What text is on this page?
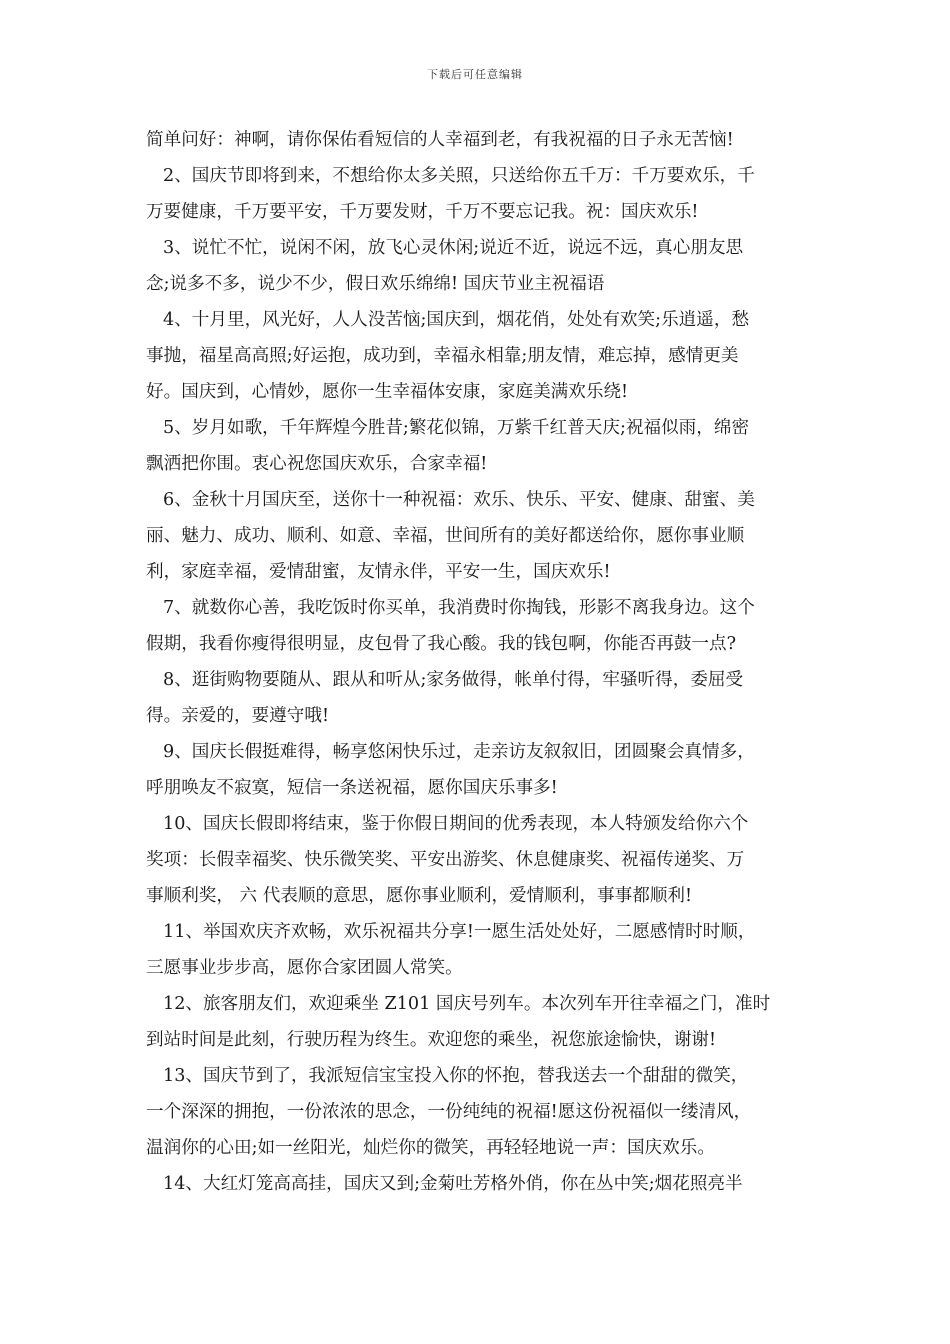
下载后可任意编辑
简单问好：神啊，请你保佑看短信的人幸福到老，有我祝福的日子永无苦恼!
2、国庆节即将到来，不想给你太多关照，只送给你五千万：千万要欢乐，千
万要健康，千万要平安，千万要发财，千万不要忘记我。祝：国庆欢乐!
3、说忙不忙，说闲不闲，放飞心灵休闲;说近不近，说远不远，真心朋友思
念;说多不多，说少不少，假日欢乐绵绵! 国庆节业主祝福语
4、十月里，风光好，人人没苦恼;国庆到，烟花俏，处处有欢笑;乐逍遥，愁
事抛，福星高高照;好运抱，成功到，幸福永相靠;朋友情，难忘掉，感情更美
好。国庆到，心情妙，愿你一生幸福体安康，家庭美满欢乐绕!
5、岁月如歌，千年辉煌今胜昔;繁花似锦，万紫千红普天庆;祝福似雨，绵密
飘洒把你围。衷心祝您国庆欢乐，合家幸福!
6、金秋十月国庆至，送你十一种祝福：欢乐、快乐、平安、健康、甜蜜、美
丽、魅力、成功、顺利、如意、幸福，世间所有的美好都送给你，愿你事业顺
利，家庭幸福，爱情甜蜜，友情永伴，平安一生，国庆欢乐!
7、就数你心善，我吃饭时你买单，我消费时你掏钱，形影不离我身边。这个
假期，我看你瘦得很明显，皮包骨了我心酸。我的钱包啊，你能否再鼓一点?
8、逛街购物要随从、跟从和听从;家务做得，帐单付得，牢骚听得，委屈受
得。亲爱的，要遵守哦!
9、国庆长假挺难得，畅享悠闲快乐过，走亲访友叙叙旧，团圆聚会真情多，
呼朋唤友不寂寞，短信一条送祝福，愿你国庆乐事多!
10、国庆长假即将结束，鉴于你假日期间的优秀表现，本人特颁发给你六个
奖项：长假幸福奖、快乐微笑奖、平安出游奖、休息健康奖、祝福传递奖、万
事顺利奖， 六 代表顺的意思，愿你事业顺利，爱情顺利，事事都顺利!
11、举国欢庆齐欢畅，欢乐祝福共分享!一愿生活处处好，二愿感情时时顺，
三愿事业步步高，愿你合家团圆人常笑。
12、旅客朋友们，欢迎乘坐 Z101 国庆号列车。本次列车开往幸福之门，准时
到站时间是此刻，行驶历程为终生。欢迎您的乘坐，祝您旅途愉快，谢谢!
13、国庆节到了，我派短信宝宝投入你的怀抱，替我送去一个甜甜的微笑，
一个深深的拥抱，一份浓浓的思念，一份纯纯的祝福!愿这份祝福似一缕清风，
温润你的心田;如一丝阳光，灿烂你的微笑，再轻轻地说一声：国庆欢乐。
14、大红灯笼高高挂，国庆又到;金菊吐芳格外俏，你在丛中笑;烟花照亮半
